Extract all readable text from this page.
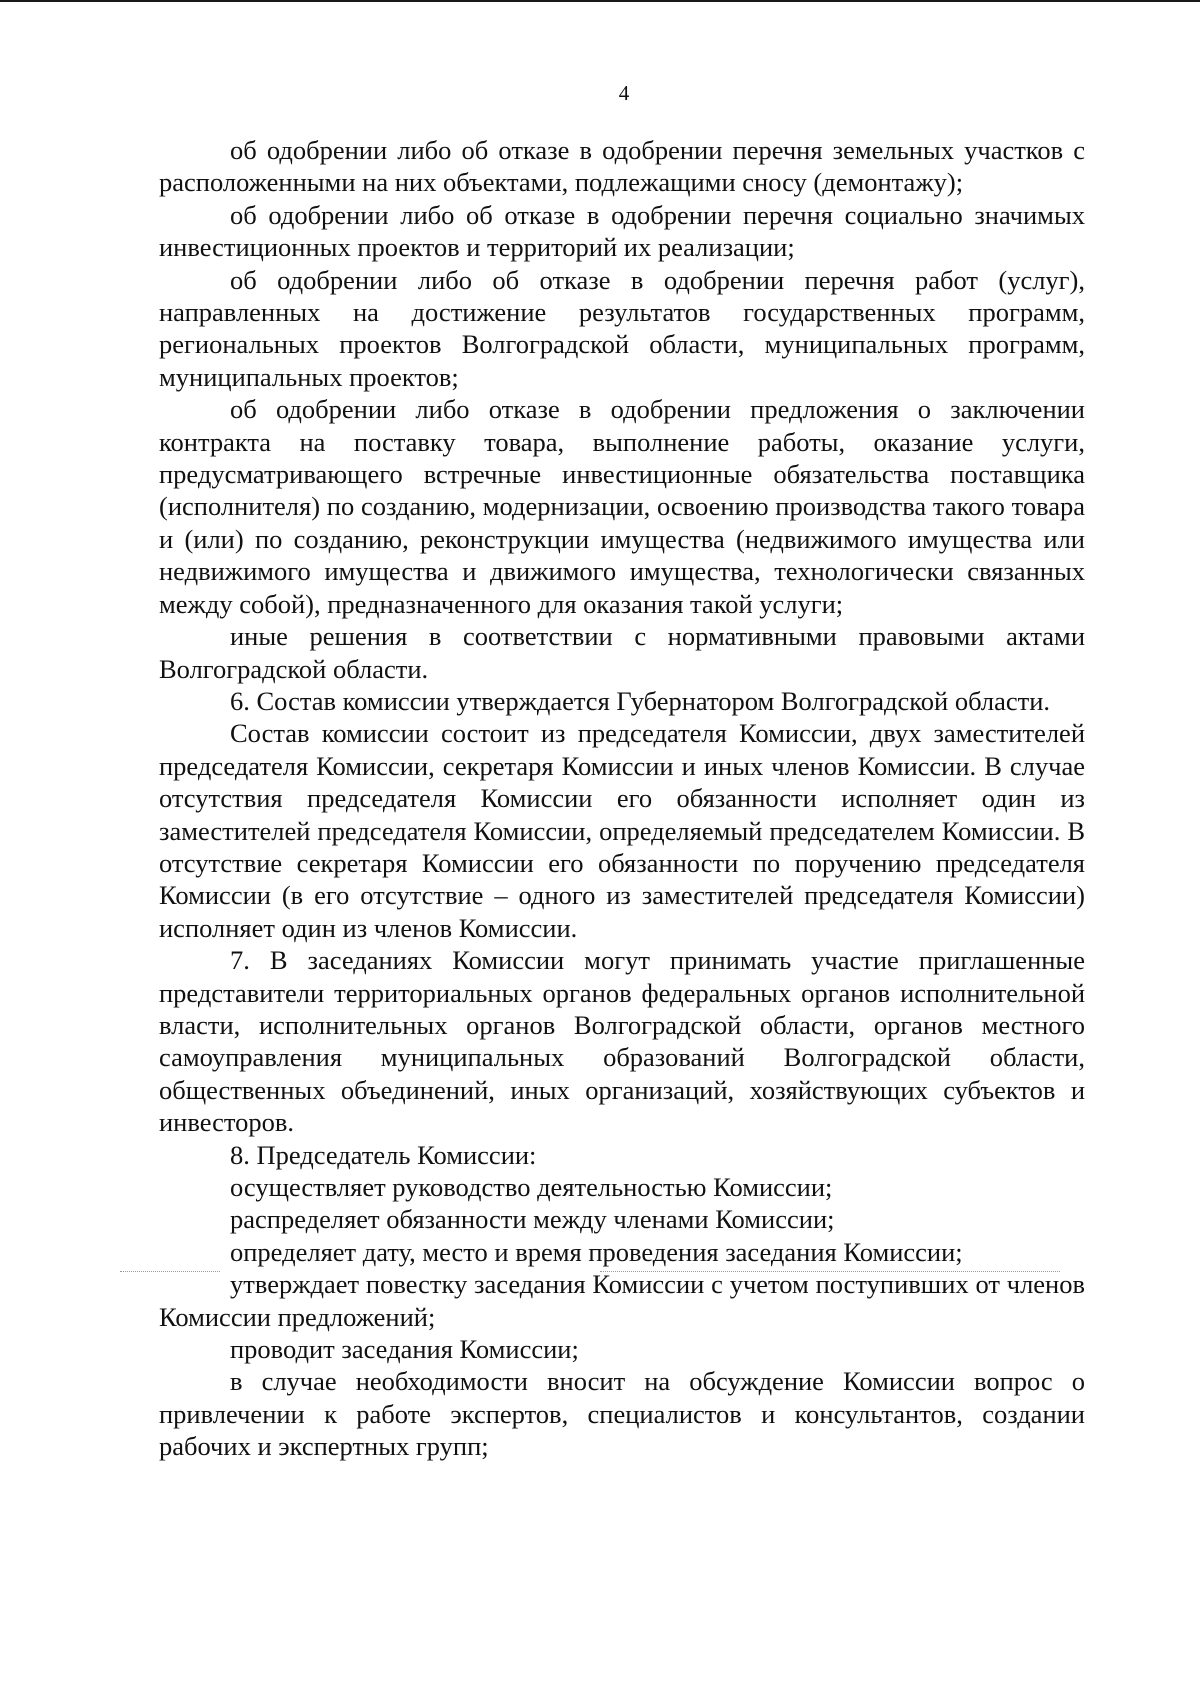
4

об одобрении либо об отказе в одобрении перечня земельных участков с расположенными на них объектами, подлежащими сносу (демонтажу);

об одобрении либо об отказе в одобрении перечня социально значимых инвестиционных проектов и территорий их реализации;

об одобрении либо об отказе в одобрении перечня работ (услуг), направленных на достижение результатов государственных программ, региональных проектов Волгоградской области, муниципальных программ, муниципальных проектов;

об одобрении либо отказе в одобрении предложения о заключении контракта на поставку товара, выполнение работы, оказание услуги, предусматривающего встречные инвестиционные обязательства поставщика (исполнителя) по созданию, модернизации, освоению производства такого товара и (или) по созданию, реконструкции имущества (недвижимого имущества или недвижимого имущества и движимого имущества, технологически связанных между собой), предназначенного для оказания такой услуги;

иные решения в соответствии с нормативными правовыми актами Волгоградской области.

6. Состав комиссии утверждается Губернатором Волгоградской области.

Состав комиссии состоит из председателя Комиссии, двух заместителей председателя Комиссии, секретаря Комиссии и иных членов Комиссии. В случае отсутствия председателя Комиссии его обязанности исполняет один из заместителей председателя Комиссии, определяемый председателем Комиссии. В отсутствие секретаря Комиссии его обязанности по поручению председателя Комиссии (в его отсутствие – одного из заместителей председателя Комиссии) исполняет один из членов Комиссии.

7. В заседаниях Комиссии могут принимать участие приглашенные представители территориальных органов федеральных органов исполнительной власти, исполнительных органов Волгоградской области, органов местного самоуправления муниципальных образований Волгоградской области, общественных объединений, иных организаций, хозяйствующих субъектов и инвесторов.

8. Председатель Комиссии:

осуществляет руководство деятельностью Комиссии;

распределяет обязанности между членами Комиссии;

определяет дату, место и время проведения заседания Комиссии;

утверждает повестку заседания Комиссии с учетом поступивших от членов Комиссии предложений;

проводит заседания Комиссии;

в случае необходимости вносит на обсуждение Комиссии вопрос о привлечении к работе экспертов, специалистов и консультантов, создании рабочих и экспертных групп;
